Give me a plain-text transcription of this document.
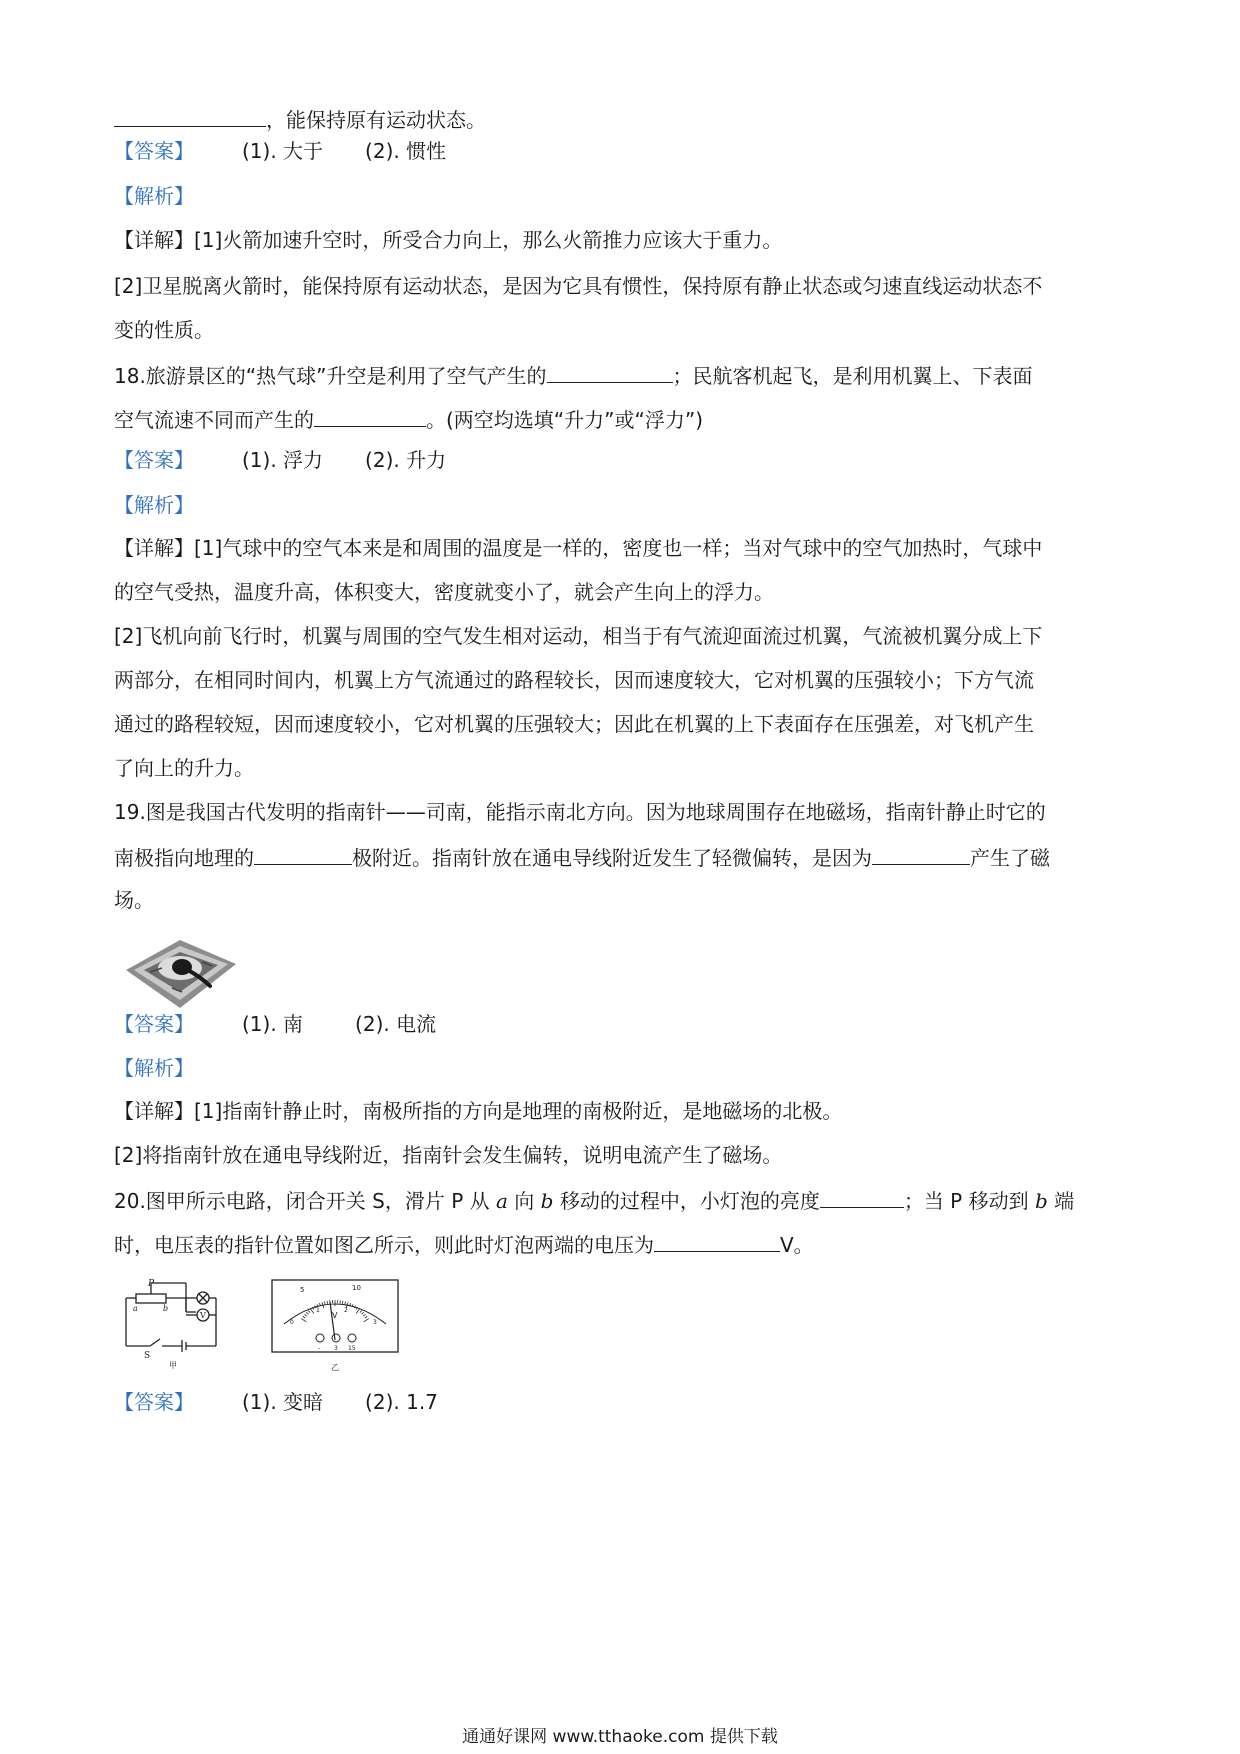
，能保持原有运动状态。
【答案】 (1). 大于 (2). 惯性
【解析】
【详解】[1]火箭加速升空时，所受合力向上，那么火箭推力应该大于重力。
[2]卫星脱离火箭时，能保持原有运动状态，是因为它具有惯性，保持原有静止状态或匀速直线运动状态不
变的性质。
18.旅游景区的“热气球”升空是利用了空气产生的	；民航客机起飞，是利用机翼上、下表面
空气流速不同而产生的	。(两空均选填“升力”或“浮力”)
【答案】 (1). 浮力 (2). 升力
【解析】
【详解】[1]气球中的空气本来是和周围的温度是一样的，密度也一样；当对气球中的空气加热时，气球中
的空气受热，温度升高，体积变大，密度就变小了，就会产生向上的浮力。
[2]飞机向前飞行时，机翼与周围的空气发生相对运动，相当于有气流迎面流过机翼，气流被机翼分成上下
两部分，在相同时间内，机翼上方气流通过的路程较长，因而速度较大，它对机翼的压强较小；下方气流
通过的路程较短，因而速度较小，它对机翼的压强较大；因此在机翼的上下表面存在压强差，对飞机产生
了向上的升力。
19.图是我国古代发明的指南针——司南，能指示南北方向。因为地球周围存在地磁场，指南针静止时它的
南极指向地理的	极附近。指南针放在通电导线附近发生了轻微偏转，是因为	产生了磁
场。
【答案】 (1). 南	(2). 电流
【解析】
【详解】[1]指南针静止时，南极所指的方向是地理的南极附近，是地磁场的北极。
[2]将指南针放在通电导线附近，指南针会发生偏转，说明电流产生了磁场。
20.图甲所示电路，闭合开关 S，滑片 P 从 a 向 b 移动的过程中，小灯泡的亮度	；当 P 移动到 b 端
时，电压表的指针位置如图乙所示，则此时灯泡两端的电压为	V。
V
P
a	b
S
甲
5	10
0
1	2
3
V
- 3 15
乙
【答案】 (1). 变暗 (2). 1.7
通通好课网 www.tthaoke.com 提供下载
